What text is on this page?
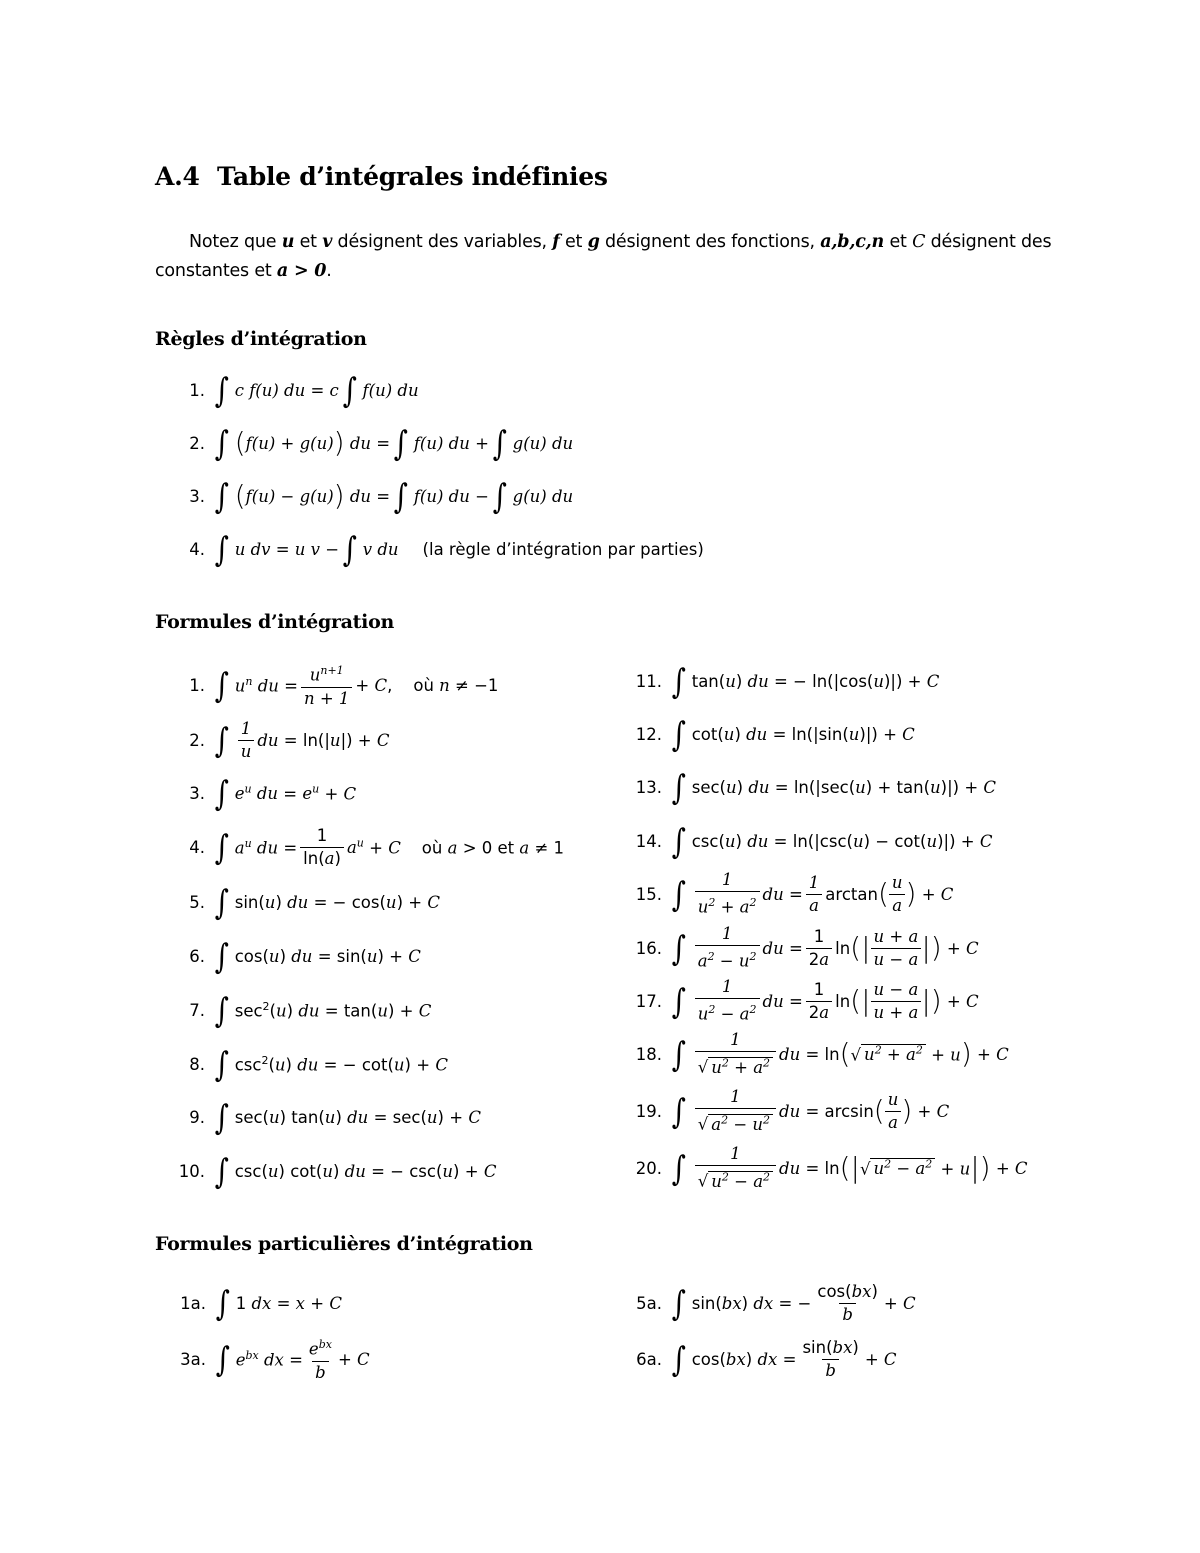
A.4 Table d’intégrales indéfinies
Notez que u et v désignent des variables, f et g désignent des fonctions, a,b,c,n et C désignent des constantes et a > 0.
Règles d’intégration
1. ∫ c f(u) du = c ∫ f(u) du
2. ∫ ( f(u) + g(u) ) du = ∫ f(u) du + ∫ g(u) du
3. ∫ ( f(u) − g(u) ) du = ∫ f(u) du − ∫ g(u) du
4. ∫ u dv = u v − ∫ v du (la règle d’intégration par parties)
Formules d’intégration
1. ∫ $u^n$ du = $\frac{u^{n+1}}{n + 1} + C$,    où n ≠ −1
2. ∫ $\frac{1}{u}$ du = ln(|u|) + C
3. ∫ $e^u$ du = $e^u + C$
4. ∫ $a^u$ du = $\frac{1}{\ln(a)} a^u + C$    où a > 0 et a ≠ 1
5. ∫ sin(u) du = − cos(u) + C
6. ∫ cos(u) du = sin(u) + C
7. ∫ $\sec^2(u)$ du = tan(u) + C
8. ∫ $\csc^2(u)$ du = − cot(u) + C
9. ∫ sec(u) tan(u) du = sec(u) + C
10. ∫ csc(u) cot(u) du = − csc(u) + C
11. ∫ tan(u) du = − ln(|cos(u)|) + C
12. ∫ cot(u) du = ln(|sin(u)|) + C
13. ∫ sec(u) du = ln(|sec(u) + tan(u)|) + C
14. ∫ csc(u) du = ln(|csc(u) − cot(u)|) + C
15. ∫ $\frac{1}{u^2 + a^2}$ du = $\frac{1}{a}$ arctan ( $\frac{u}{a}$ ) + C
16. ∫ $\frac{1}{a^2 - u^2}$ du = $\frac{1}{2a}$ ln (| $\frac{u + a}{u - a}$ |) + C
17. ∫ $\frac{1}{u^2 - a^2}$ du = $\frac{1}{2a}$ ln (| $\frac{u - a}{u + a}$ |) + C
18. ∫ $\frac{1}{√ u^2 + a^2}$ du = ln ( √ $u^2 + a^2 + u$ ) + C
19. ∫ $\frac{1}{√ a^2 - u^2}$ du = arcsin ( $\frac{u}{a}$ ) + C
20. ∫ $\frac{1}{√ u^2 - a^2}$ du = ln (| √ $u^2 - a^2 + u$ |) + C
Formules particulières d’intégration
1a. ∫ 1 dx = x + C
3a. ∫ $e^{bx}$ dx = $\frac{e^{bx}}{b} + C$
5a. ∫ sin(bx) dx = − $\frac{\cos(bx)}{b} + C$
6a. ∫ cos(bx) dx = $\frac{\sin(bx)}{b} + C$
